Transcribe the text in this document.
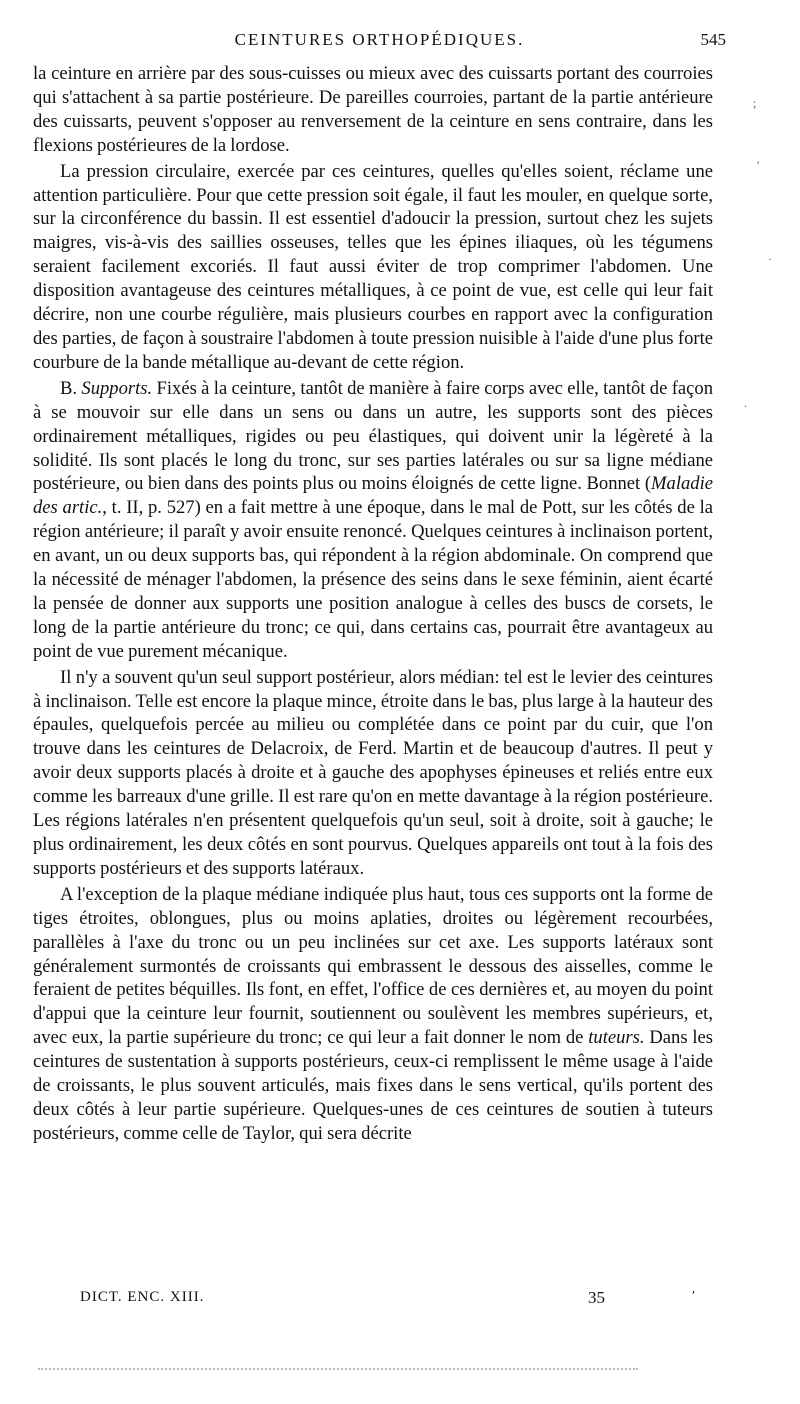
CEINTURES ORTHOPÉDIQUES.	545

la ceinture en arrière par des sous-cuisses ou mieux avec des cuissarts portant des courroies qui s'attachent à sa partie postérieure. De pareilles courroies, partant de la partie antérieure des cuissarts, peuvent s'opposer au renversement de la ceinture en sens contraire, dans les flexions postérieures de la lordose.

La pression circulaire, exercée par ces ceintures, quelles qu'elles soient, réclame une attention particulière. Pour que cette pression soit égale, il faut les mouler, en quelque sorte, sur la circonférence du bassin. Il est essentiel d'adoucir la pression, surtout chez les sujets maigres, vis-à-vis des saillies osseuses, telles que les épines iliaques, où les tégumens seraient facilement excoriés. Il faut aussi éviter de trop comprimer l'abdomen. Une disposition avantageuse des ceintures métalliques, à ce point de vue, est celle qui leur fait décrire, non une courbe régulière, mais plusieurs courbes en rapport avec la configuration des parties, de façon à soustraire l'abdomen à toute pression nuisible à l'aide d'une plus forte courbure de la bande métallique au-devant de cette région.

B. Supports. Fixés à la ceinture, tantôt de manière à faire corps avec elle, tantôt de façon à se mouvoir sur elle dans un sens ou dans un autre, les supports sont des pièces ordinairement métalliques, rigides ou peu élastiques, qui doivent unir la légèreté à la solidité. Ils sont placés le long du tronc, sur ses parties latérales ou sur sa ligne médiane postérieure, ou bien dans des points plus ou moins éloignés de cette ligne. Bonnet (Maladie des artic., t. II, p. 527) en a fait mettre à une époque, dans le mal de Pott, sur les côtés de la région antérieure; il paraît y avoir ensuite renoncé. Quelques ceintures à inclinaison portent, en avant, un ou deux supports bas, qui répondent à la région abdominale. On comprend que la nécessité de ménager l'abdomen, la présence des seins dans le sexe féminin, aient écarté la pensée de donner aux supports une position analogue à celles des buscs de corsets, le long de la partie antérieure du tronc; ce qui, dans certains cas, pourrait être avantageux au point de vue purement mécanique.

Il n'y a souvent qu'un seul support postérieur, alors médian: tel est le levier des ceintures à inclinaison. Telle est encore la plaque mince, étroite dans le bas, plus large à la hauteur des épaules, quelquefois percée au milieu ou complétée dans ce point par du cuir, que l'on trouve dans les ceintures de Delacroix, de Ferd. Martin et de beaucoup d'autres. Il peut y avoir deux supports placés à droite et à gauche des apophyses épineuses et reliés entre eux comme les barreaux d'une grille. Il est rare qu'on en mette davantage à la région postérieure. Les régions latérales n'en présentent quelquefois qu'un seul, soit à droite, soit à gauche; le plus ordinairement, les deux côtés en sont pourvus. Quelques appareils ont tout à la fois des supports postérieurs et des supports latéraux.

A l'exception de la plaque médiane indiquée plus haut, tous ces supports ont la forme de tiges étroites, oblongues, plus ou moins aplaties, droites ou légèrement recourbées, parallèles à l'axe du tronc ou un peu inclinées sur cet axe. Les supports latéraux sont généralement surmontés de croissants qui embrassent le dessous des aisselles, comme le feraient de petites béquilles. Ils font, en effet, l'office de ces dernières et, au moyen du point d'appui que la ceinture leur fournit, soutiennent ou soulèvent les membres supérieurs, et, avec eux, la partie supérieure du tronc; ce qui leur a fait donner le nom de tuteurs. Dans les ceintures de sustentation à supports postérieurs, ceux-ci remplissent le même usage à l'aide de croissants, le plus souvent articulés, mais fixes dans le sens vertical, qu'ils portent des deux côtés à leur partie supérieure. Quelques-unes de ces ceintures de soutien à tuteurs postérieurs, comme celle de Taylor, qui sera décrite

DICT. ENC. XIII.	35	′
;
′
·
.
